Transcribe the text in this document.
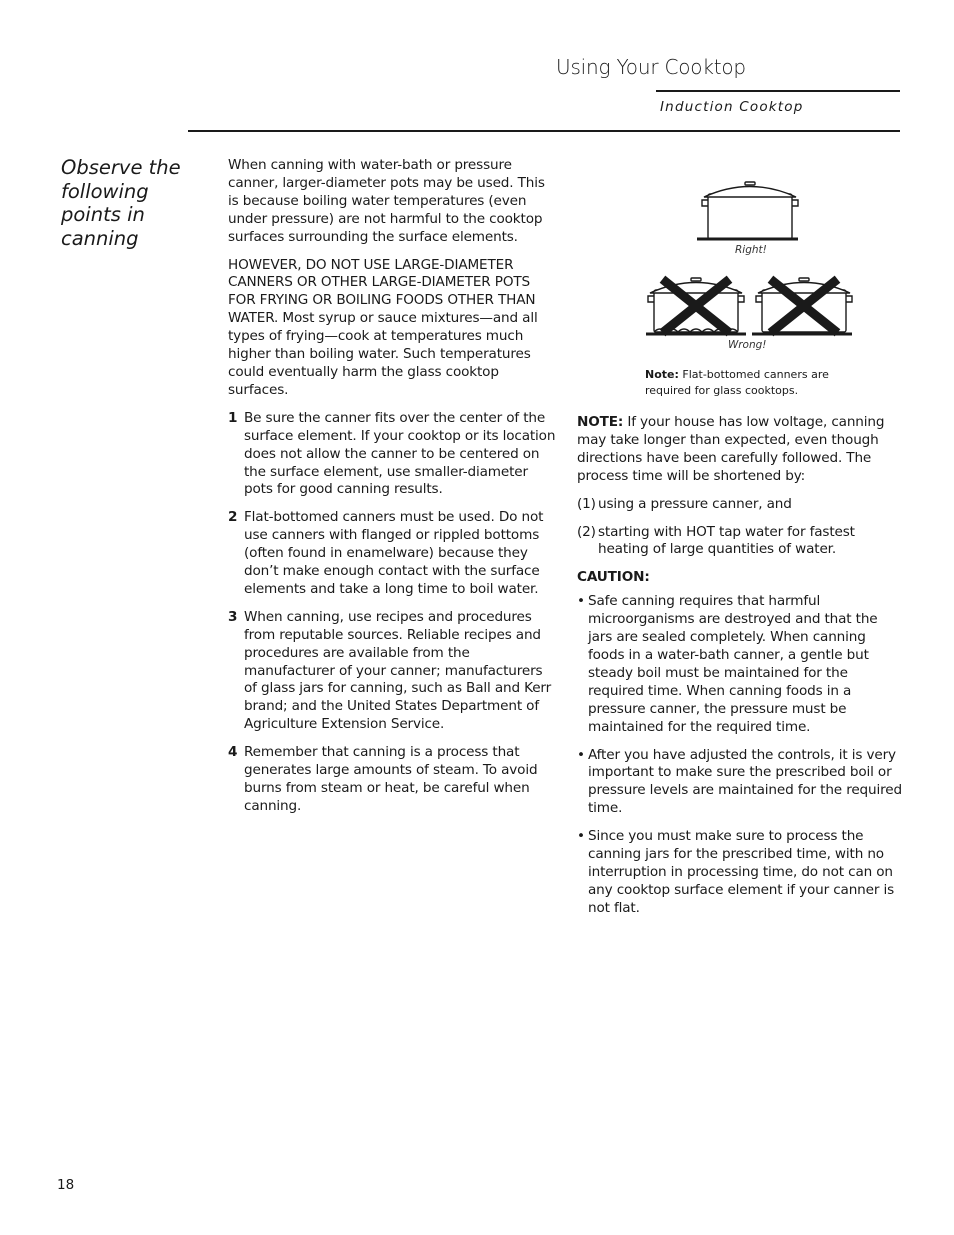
Using Your Cooktop
Induction Cooktop
Observe the following points in canning

When canning with water-bath or pressure canner, larger-diameter pots may be used. This is because boiling water temperatures (even under pressure) are not harmful to the cooktop surfaces surrounding the surface elements.

HOWEVER, DO NOT USE LARGE-DIAMETER CANNERS OR OTHER LARGE-DIAMETER POTS FOR FRYING OR BOILING FOODS OTHER THAN WATER. Most syrup or sauce mixtures—and all types of frying—cook at temperatures much higher than boiling water. Such temperatures could eventually harm the glass cooktop surfaces.

1 Be sure the canner fits over the center of the surface element. If your cooktop or its location does not allow the canner to be centered on the surface element, use smaller-diameter pots for good canning results.
2 Flat-bottomed canners must be used. Do not use canners with flanged or rippled bottoms (often found in enamelware) because they don’t make enough contact with the surface elements and take a long time to boil water.
3 When canning, use recipes and procedures from reputable sources. Reliable recipes and procedures are available from the manufacturer of your canner; manufacturers of glass jars for canning, such as Ball and Kerr brand; and the United States Department of Agriculture Extension Service.
4 Remember that canning is a process that generates large amounts of steam. To avoid burns from steam or heat, be careful when canning.
Right!
Wrong!
Note: Flat-bottomed canners are required for glass cooktops.

NOTE: If your house has low voltage, canning may take longer than expected, even though directions have been carefully followed. The process time will be shortened by:

(1) using a pressure canner, and
(2) starting with HOT tap water for fastest heating of large quantities of water.
CAUTION:
• Safe canning requires that harmful microorganisms are destroyed and that the jars are sealed completely. When canning foods in a water-bath canner, a gentle but steady boil must be maintained for the required time. When canning foods in a pressure canner, the pressure must be maintained for the required time.
• After you have adjusted the controls, it is very important to make sure the prescribed boil or pressure levels are maintained for the required time.
• Since you must make sure to process the canning jars for the prescribed time, with no interruption in processing time, do not can on any cooktop surface element if your canner is not flat.
18
